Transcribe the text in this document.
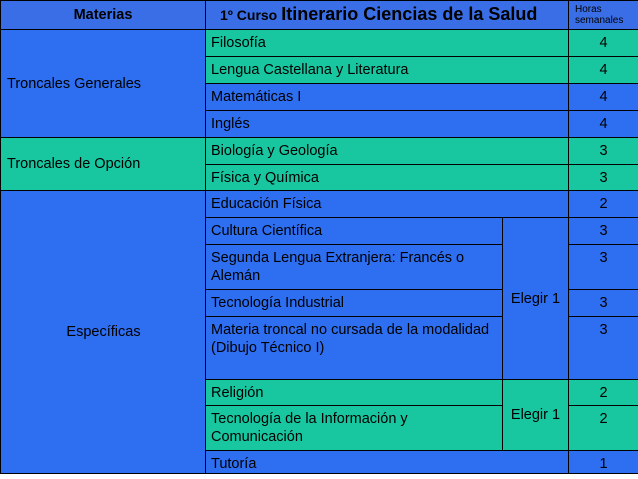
Materias	1º Curso Itinerario Ciencias de la Salud		Horas semanales
Troncales Generales	Filosofía		4
	Lengua Castellana y Literatura		4
	Matemáticas I		4
	Inglés		4
Troncales de Opción	Biología y Geología		3
	Física y Química		3
Específicas	Educación Física		2
	Cultura Científica	Elegir 1	3
	Segunda Lengua Extranjera: Francés o Alemán		3
	Tecnología Industrial		3
	Materia troncal no cursada de la modalidad (Dibujo Técnico I)		3
	Religión	Elegir 1	2
	Tecnología de la Información y Comunicación		2
	Tutoría		1
